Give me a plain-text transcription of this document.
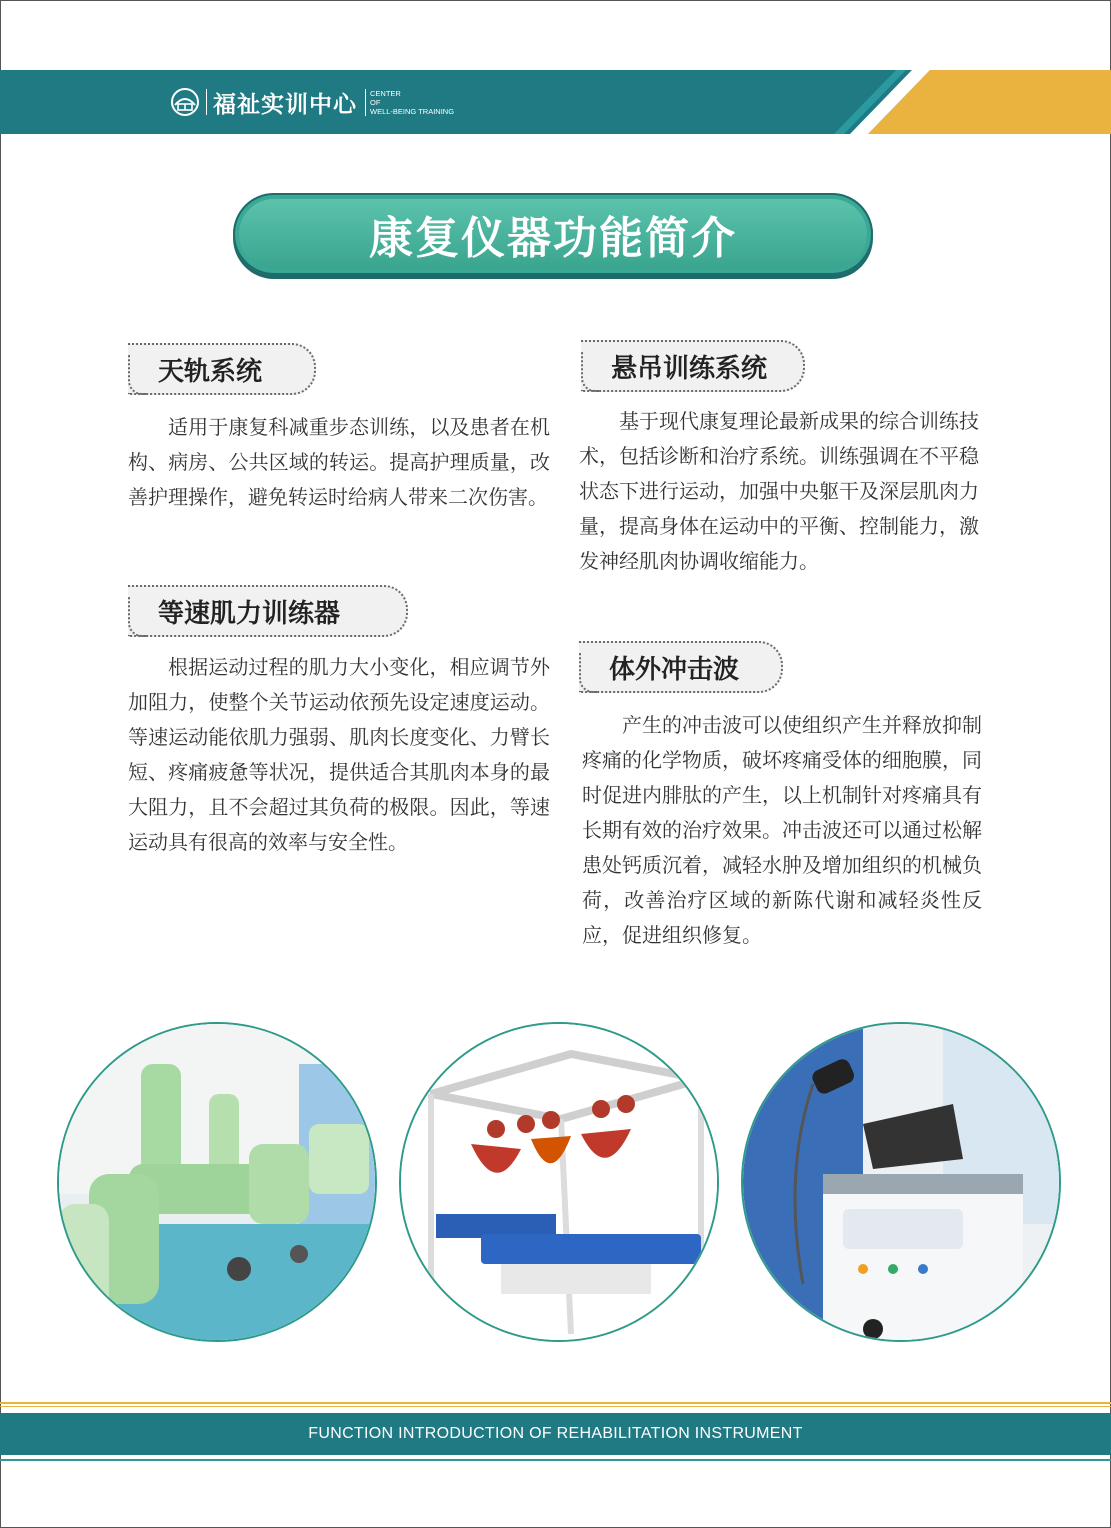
福祉实训中心 CENTER
OF
WELL-BEING TRAINING
康复仪器功能简介
天轨系统
适用于康复科减重步态训练，以及患者在机构、病房、公共区域的转运。提高护理质量，改善护理操作，避免转运时给病人带来二次伤害。
等速肌力训练器
根据运动过程的肌力大小变化，相应调节外加阻力，使整个关节运动依预先设定速度运动。等速运动能依肌力强弱、肌肉长度变化、力臂长短、疼痛疲惫等状况，提供适合其肌肉本身的最大阻力，且不会超过其负荷的极限。因此，等速运动具有很高的效率与安全性。
悬吊训练系统
基于现代康复理论最新成果的综合训练技术，包括诊断和治疗系统。训练强调在不平稳状态下进行运动，加强中央躯干及深层肌肉力量，提高身体在运动中的平衡、控制能力，激发神经肌肉协调收缩能力。
体外冲击波
产生的冲击波可以使组织产生并释放抑制疼痛的化学物质，破坏疼痛受体的细胞膜，同时促进内腓肽的产生，以上机制针对疼痛具有长期有效的治疗效果。冲击波还可以通过松解患处钙质沉着，减轻水肿及增加组织的机械负荷，改善治疗区域的新陈代谢和减轻炎性反应，促进组织修复。
FUNCTION INTRODUCTION OF REHABILITATION INSTRUMENT
